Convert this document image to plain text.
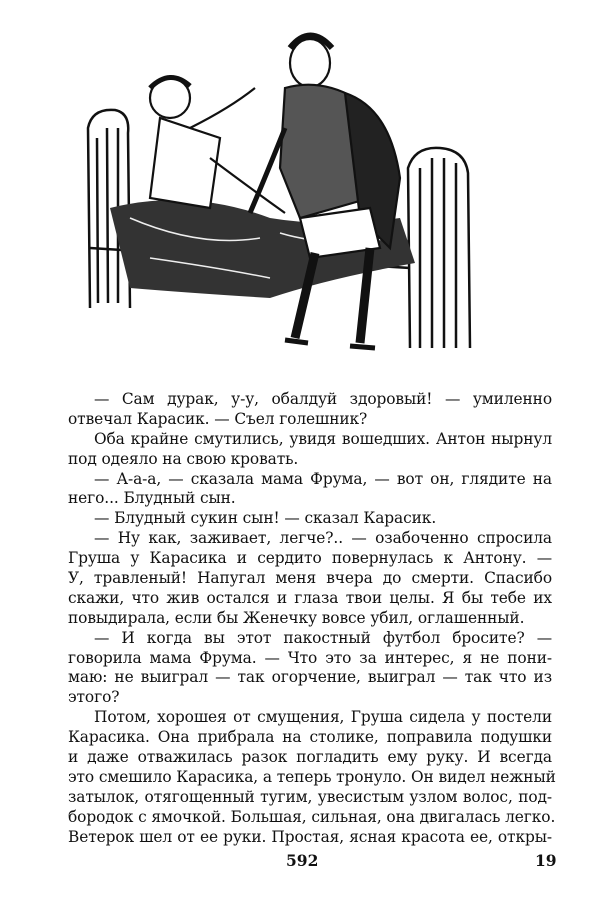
— Сам дурак, у-у, обалдуй здоровый! — умиленно
отвечал Карасик. — Съел голешник?
Оба крайне смутились, увидя вошедших. Антон нырнул
под одеяло на свою кровать.
— А-а-а, — сказала мама Фрума, — вот он, глядите на
него... Блудный сын.
— Блудный сукин сын! — сказал Карасик.
— Ну как, заживает, легче?.. — озабоченно спросила
Груша у Карасика и сердито повернулась к Антону. —
У, травленый! Напугал меня вчера до смерти. Спасибо
скажи, что жив остался и глаза твои целы. Я бы тебе их
повыдирала, если бы Женечку вовсе убил, оглашенный.
— И когда вы этот пакостный футбол бросите? —
говорила мама Фрума. — Что это за интерес, я не пони-
маю: не выиграл — так огорчение, выиграл — так что из
этого?
Потом, хорошея от смущения, Груша сидела у постели
Карасика. Она прибрала на столике, поправила подушки
и даже отважилась разок погладить ему руку. И всегда
это смешило Карасика, а теперь тронуло. Он видел нежный
затылок, отягощенный тугим, увесистым узлом волос, под-
бородок с ямочкой. Большая, сильная, она двигалась легко.
Ветерок шел от ее руки. Простая, ясная красота ее, откры-
592	19
